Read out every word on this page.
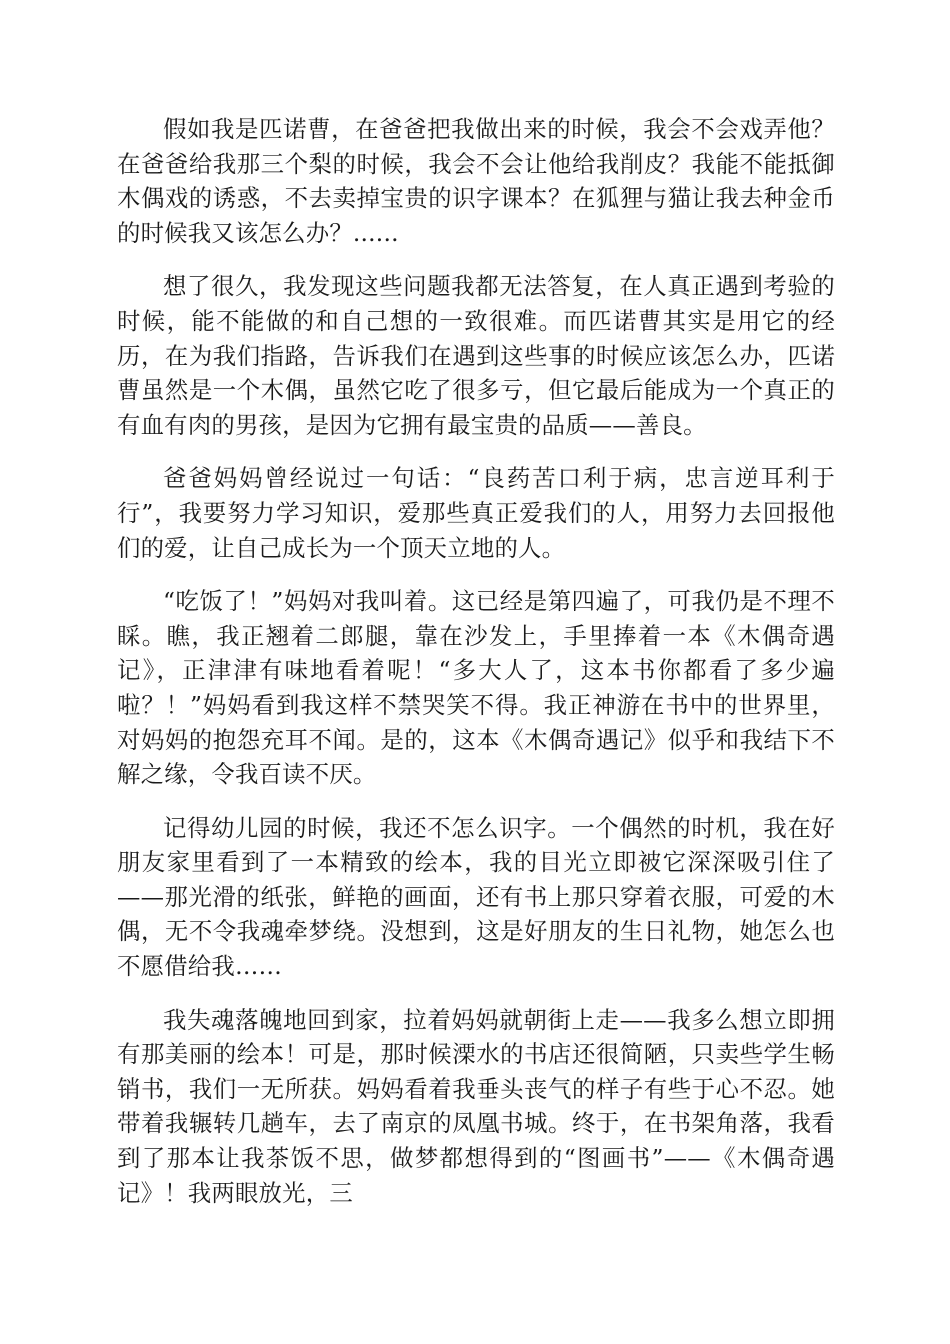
假如我是匹诺曹，在爸爸把我做出来的时候，我会不会戏弄他？在爸爸给我那三个梨的时候，我会不会让他给我削皮？我能不能抵御木偶戏的诱惑，不去卖掉宝贵的识字课本？在狐狸与猫让我去种金币的时候我又该怎么办？......

想了很久，我发现这些问题我都无法答复，在人真正遇到考验的时候，能不能做的和自己想的一致很难。而匹诺曹其实是用它的经历，在为我们指路，告诉我们在遇到这些事的时候应该怎么办，匹诺曹虽然是一个木偶，虽然它吃了很多亏，但它最后能成为一个真正的有血有肉的男孩，是因为它拥有最宝贵的品质——善良。

爸爸妈妈曾经说过一句话：“良药苦口利于病，忠言逆耳利于行”，我要努力学习知识，爱那些真正爱我们的人，用努力去回报他们的爱，让自己成长为一个顶天立地的人。

“吃饭了！”妈妈对我叫着。这已经是第四遍了，可我仍是不理不睬。瞧，我正翘着二郎腿，靠在沙发上，手里捧着一本《木偶奇遇记》，正津津有味地看着呢！“多大人了，这本书你都看了多少遍啦？！”妈妈看到我这样不禁哭笑不得。我正神游在书中的世界里，对妈妈的抱怨充耳不闻。是的，这本《木偶奇遇记》似乎和我结下不解之缘，令我百读不厌。

记得幼儿园的时候，我还不怎么识字。一个偶然的时机，我在好朋友家里看到了一本精致的绘本，我的目光立即被它深深吸引住了——那光滑的纸张，鲜艳的画面，还有书上那只穿着衣服，可爱的木偶，无不令我魂牵梦绕。没想到，这是好朋友的生日礼物，她怎么也不愿借给我……

我失魂落魄地回到家，拉着妈妈就朝街上走——我多么想立即拥有那美丽的绘本！可是，那时候溧水的书店还很简陋，只卖些学生畅销书，我们一无所获。妈妈看着我垂头丧气的样子有些于心不忍。她带着我辗转几趟车，去了南京的凤凰书城。终于，在书架角落，我看到了那本让我茶饭不思，做梦都想得到的“图画书”——《木偶奇遇记》！我两眼放光，三
